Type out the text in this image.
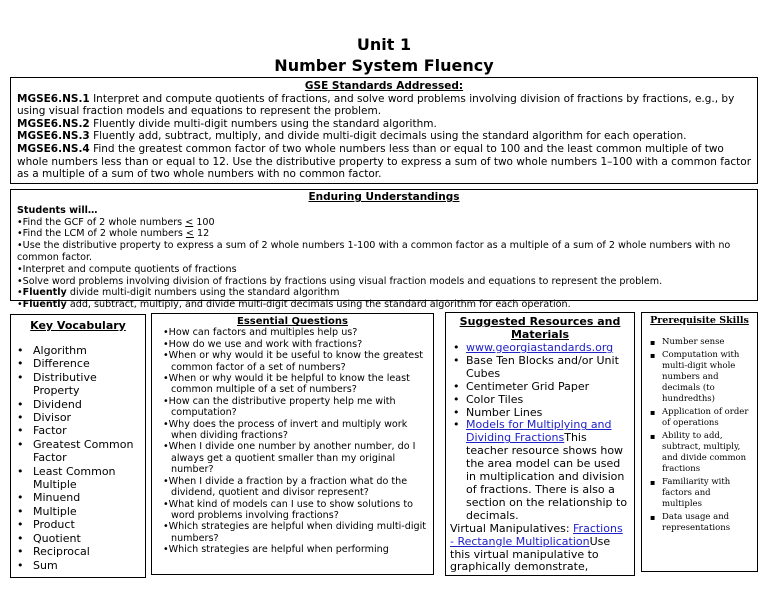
Unit 1
Number System Fluency
GSE Standards Addressed:

MGSE6.NS.1 Interpret and compute quotients of fractions, and solve word problems involving division of fractions by fractions, e.g., by using visual fraction models and equations to represent the problem.

MGSE6.NS.2 Fluently divide multi-digit numbers using the standard algorithm.

MGSE6.NS.3 Fluently add, subtract, multiply, and divide multi-digit decimals using the standard algorithm for each operation.

MGSE6.NS.4 Find the greatest common factor of two whole numbers less than or equal to 100 and the least common multiple of two whole numbers less than or equal to 12. Use the distributive property to express a sum of two whole numbers 1–100 with a common factor as a multiple of a sum of two whole numbers with no common factor.

Enduring Understandings
Students will…
• Find the GCF of 2 whole numbers ≤ 100
• Find the LCM of 2 whole numbers ≤ 12
• Use the distributive property to express a sum of 2 whole numbers 1-100 with a common factor as a multiple of a sum of 2 whole numbers with no common factor.
• Interpret and compute quotients of fractions
• Solve word problems involving division of fractions by fractions using visual fraction models and equations to represent the problem.
• Fluently divide multi-digit numbers using the standard algorithm
• Fluently add, subtract, multiply, and divide multi-digit decimals using the standard algorithm for each operation.
Key Vocabulary
• Algorithm
• Difference
• Distributive Property
• Dividend
• Divisor
• Factor
• Greatest Common Factor
• Least Common Multiple
• Minuend
• Multiple
• Product
• Quotient
• Reciprocal
• Sum
Essential Questions
• How can factors and multiples help us?
• How do we use and work with fractions?
• When or why would it be useful to know the greatest common factor of a set of numbers?
• When or why would it be helpful to know the least common multiple of a set of numbers?
• How can the distributive property help me with computation?
• Why does the process of invert and multiply work when dividing fractions?
• When I divide one number by another number, do I always get a quotient smaller than my original number?
• When I divide a fraction by a fraction what do the dividend, quotient and divisor represent?
• What kind of models can I use to show solutions to word problems involving fractions?
• Which strategies are helpful when dividing multi-digit numbers?
• Which strategies are helpful when performing
Suggested Resources and Materials
• www.georgiastandards.org
• Base Ten Blocks and/or Unit Cubes
• Centimeter Grid Paper
• Color Tiles
• Number Lines
• Models for Multiplying and Dividing FractionsThis teacher resource shows how the area model can be used in multiplication and division of fractions. There is also a section on the relationship to decimals.
Virtual Manipulatives: Fractions - Rectangle MultiplicationUse this virtual manipulative to graphically demonstrate,
Prerequisite Skills
▪ Number sense
▪ Computation with multi-digit whole numbers and decimals (to hundredths)
▪ Application of order of operations
▪ Ability to add, subtract, multiply, and divide common fractions
▪ Familiarity with factors and multiples
▪ Data usage and representations
